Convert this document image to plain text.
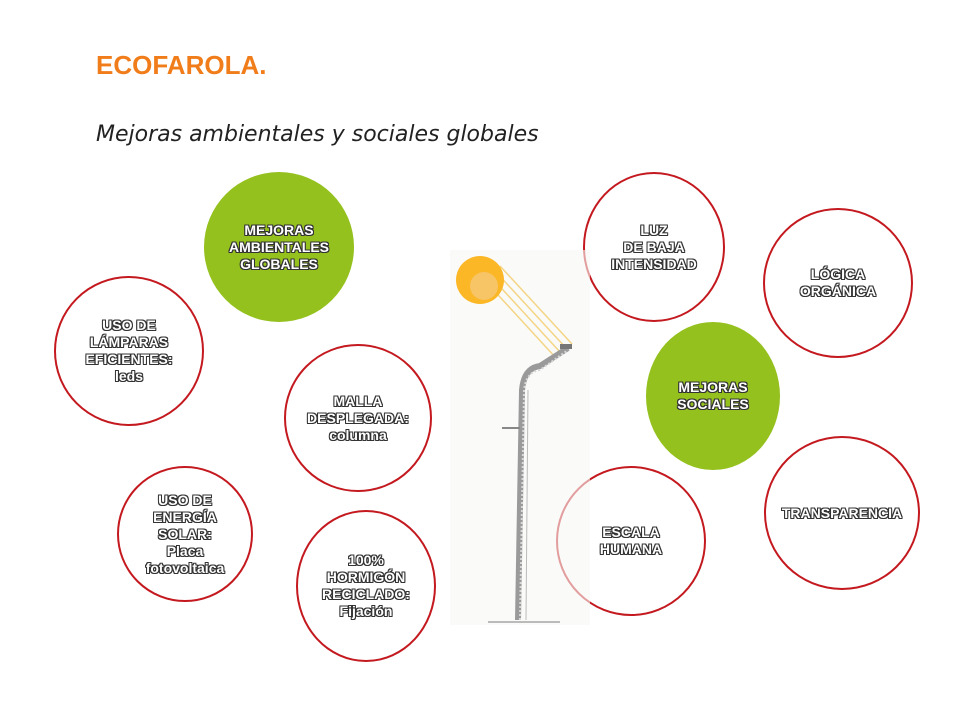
ECOFAROLA.
Mejoras ambientales y sociales globales
MEJORAS
AMBIENTALES
GLOBALES
USO DE
LÁMPARAS
EFICIENTES:
leds
MALLA
DESPLEGADA:
columna
USO DE
ENERGÍA
SOLAR:
Placa
fotovoltaica	100%
HORMIGÓN
RECICLADO:
Fijación
LUZ
DE BAJA
INTENSIDAD
LÓGICA
ORGÁNICA
MEJORAS
SOCIALES
TRANSPARENCIA
ESCALA
HUMANA
